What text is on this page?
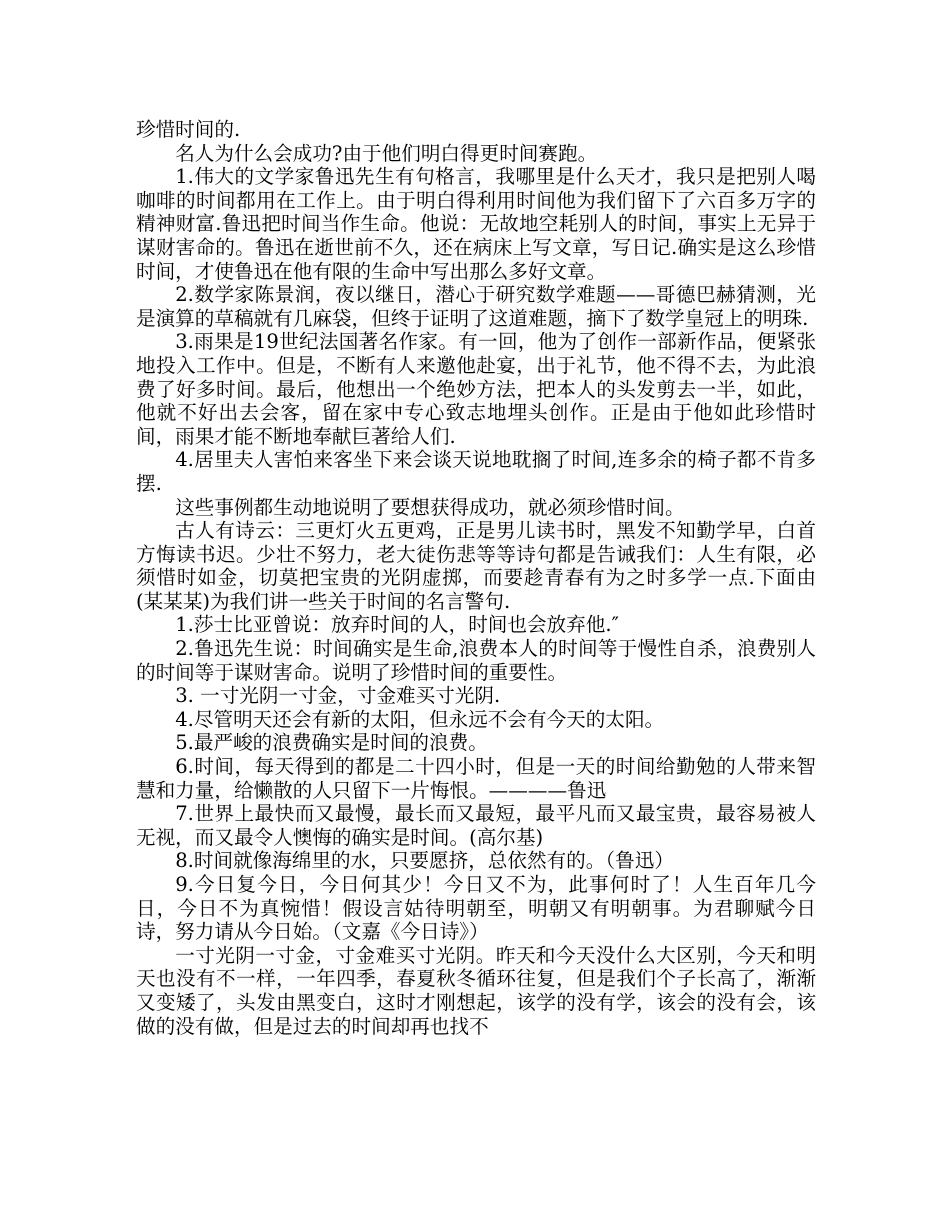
珍惜时间的.

名人为什么会成功?由于他们明白得更时间赛跑。

1.伟大的文学家鲁迅先生有句格言，我哪里是什么天才，我只是把别人喝咖啡的时间都用在工作上。由于明白得利用时间他为我们留下了六百多万字的精神财富.鲁迅把时间当作生命。他说：无故地空耗别人的时间，事实上无异于谋财害命的。鲁迅在逝世前不久，还在病床上写文章，写日记.确实是这么珍惜时间，才使鲁迅在他有限的生命中写出那么多好文章。

2.数学家陈景润，夜以继日，潜心于研究数学难题——哥德巴赫猜测，光是演算的草稿就有几麻袋，但终于证明了这道难题，摘下了数学皇冠上的明珠.

3.雨果是19世纪法国著名作家。有一回，他为了创作一部新作品，便紧张地投入工作中。但是，不断有人来邀他赴宴，出于礼节，他不得不去，为此浪费了好多时间。最后，他想出一个绝妙方法，把本人的头发剪去一半，如此，他就不好出去会客，留在家中专心致志地埋头创作。正是由于他如此珍惜时间，雨果才能不断地奉献巨著给人们.

4.居里夫人害怕来客坐下来会谈天说地耽搁了时间,连多余的椅子都不肯多摆.

这些事例都生动地说明了要想获得成功，就必须珍惜时间。

古人有诗云：三更灯火五更鸡，正是男儿读书时，黑发不知勤学早，白首方悔读书迟。少壮不努力，老大徒伤悲等等诗句都是告诫我们：人生有限，必须惜时如金，切莫把宝贵的光阴虚掷，而要趁青春有为之时多学一点.下面由(某某某)为我们讲一些关于时间的名言警句.

1.莎士比亚曾说：放弃时间的人，时间也会放弃他.″

2.鲁迅先生说：时间确实是生命,浪费本人的时间等于慢性自杀，浪费别人的时间等于谋财害命。说明了珍惜时间的重要性。

3. 一寸光阴一寸金，寸金难买寸光阴.

4.尽管明天还会有新的太阳，但永远不会有今天的太阳。

5.最严峻的浪费确实是时间的浪费。

6.时间，每天得到的都是二十四小时，但是一天的时间给勤勉的人带来智慧和力量，给懒散的人只留下一片悔恨。————鲁迅

7.世界上最快而又最慢，最长而又最短，最平凡而又最宝贵，最容易被人无视，而又最令人懊悔的确实是时间。(高尔基)

8.时间就像海绵里的水，只要愿挤，总依然有的。（鲁迅）

9.今日复今日，今日何其少！今日又不为，此事何时了！人生百年几今日，今日不为真惋惜！假设言姑待明朝至，明朝又有明朝事。为君聊赋今日诗，努力请从今日始。（文嘉《今日诗》）

一寸光阴一寸金，寸金难买寸光阴。昨天和今天没什么大区别，今天和明天也没有不一样，一年四季，春夏秋冬循环往复，但是我们个子长高了，渐渐又变矮了，头发由黑变白，这时才刚想起，该学的没有学，该会的没有会，该做的没有做，但是过去的时间却再也找不
